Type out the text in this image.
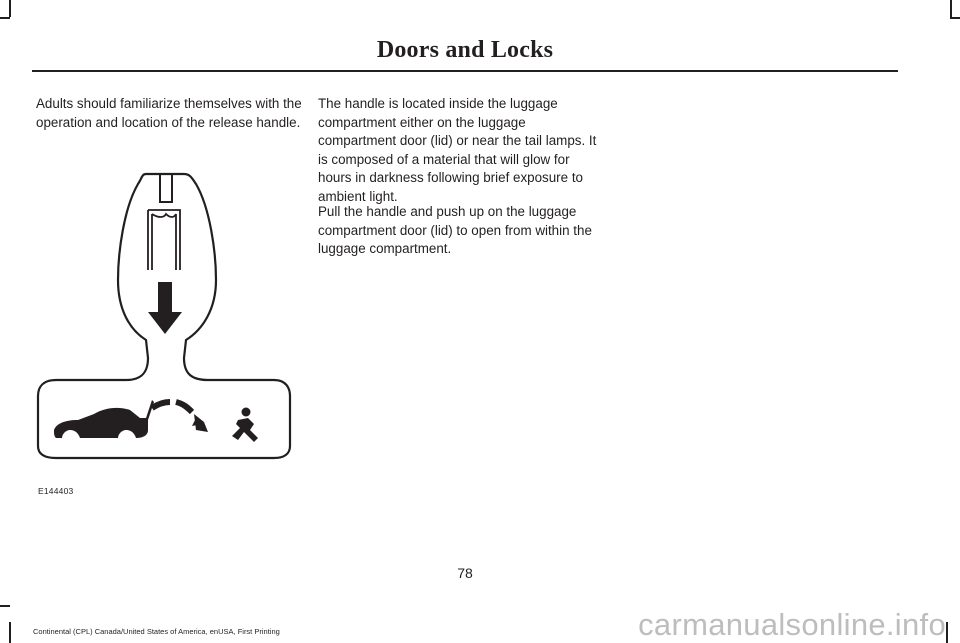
Doors and Locks

Adults should familiarize themselves with the operation and location of the release handle.

E144403

The handle is located inside the luggage compartment either on the luggage compartment door (lid) or near the tail lamps. It is composed of a material that will glow for hours in darkness following brief exposure to ambient light.

Pull the handle and push up on the luggage compartment door (lid) to open from within the luggage compartment.

78
Continental (CPL) Canada/United States of America, enUSA, First Printing	carmanualsonline.info
